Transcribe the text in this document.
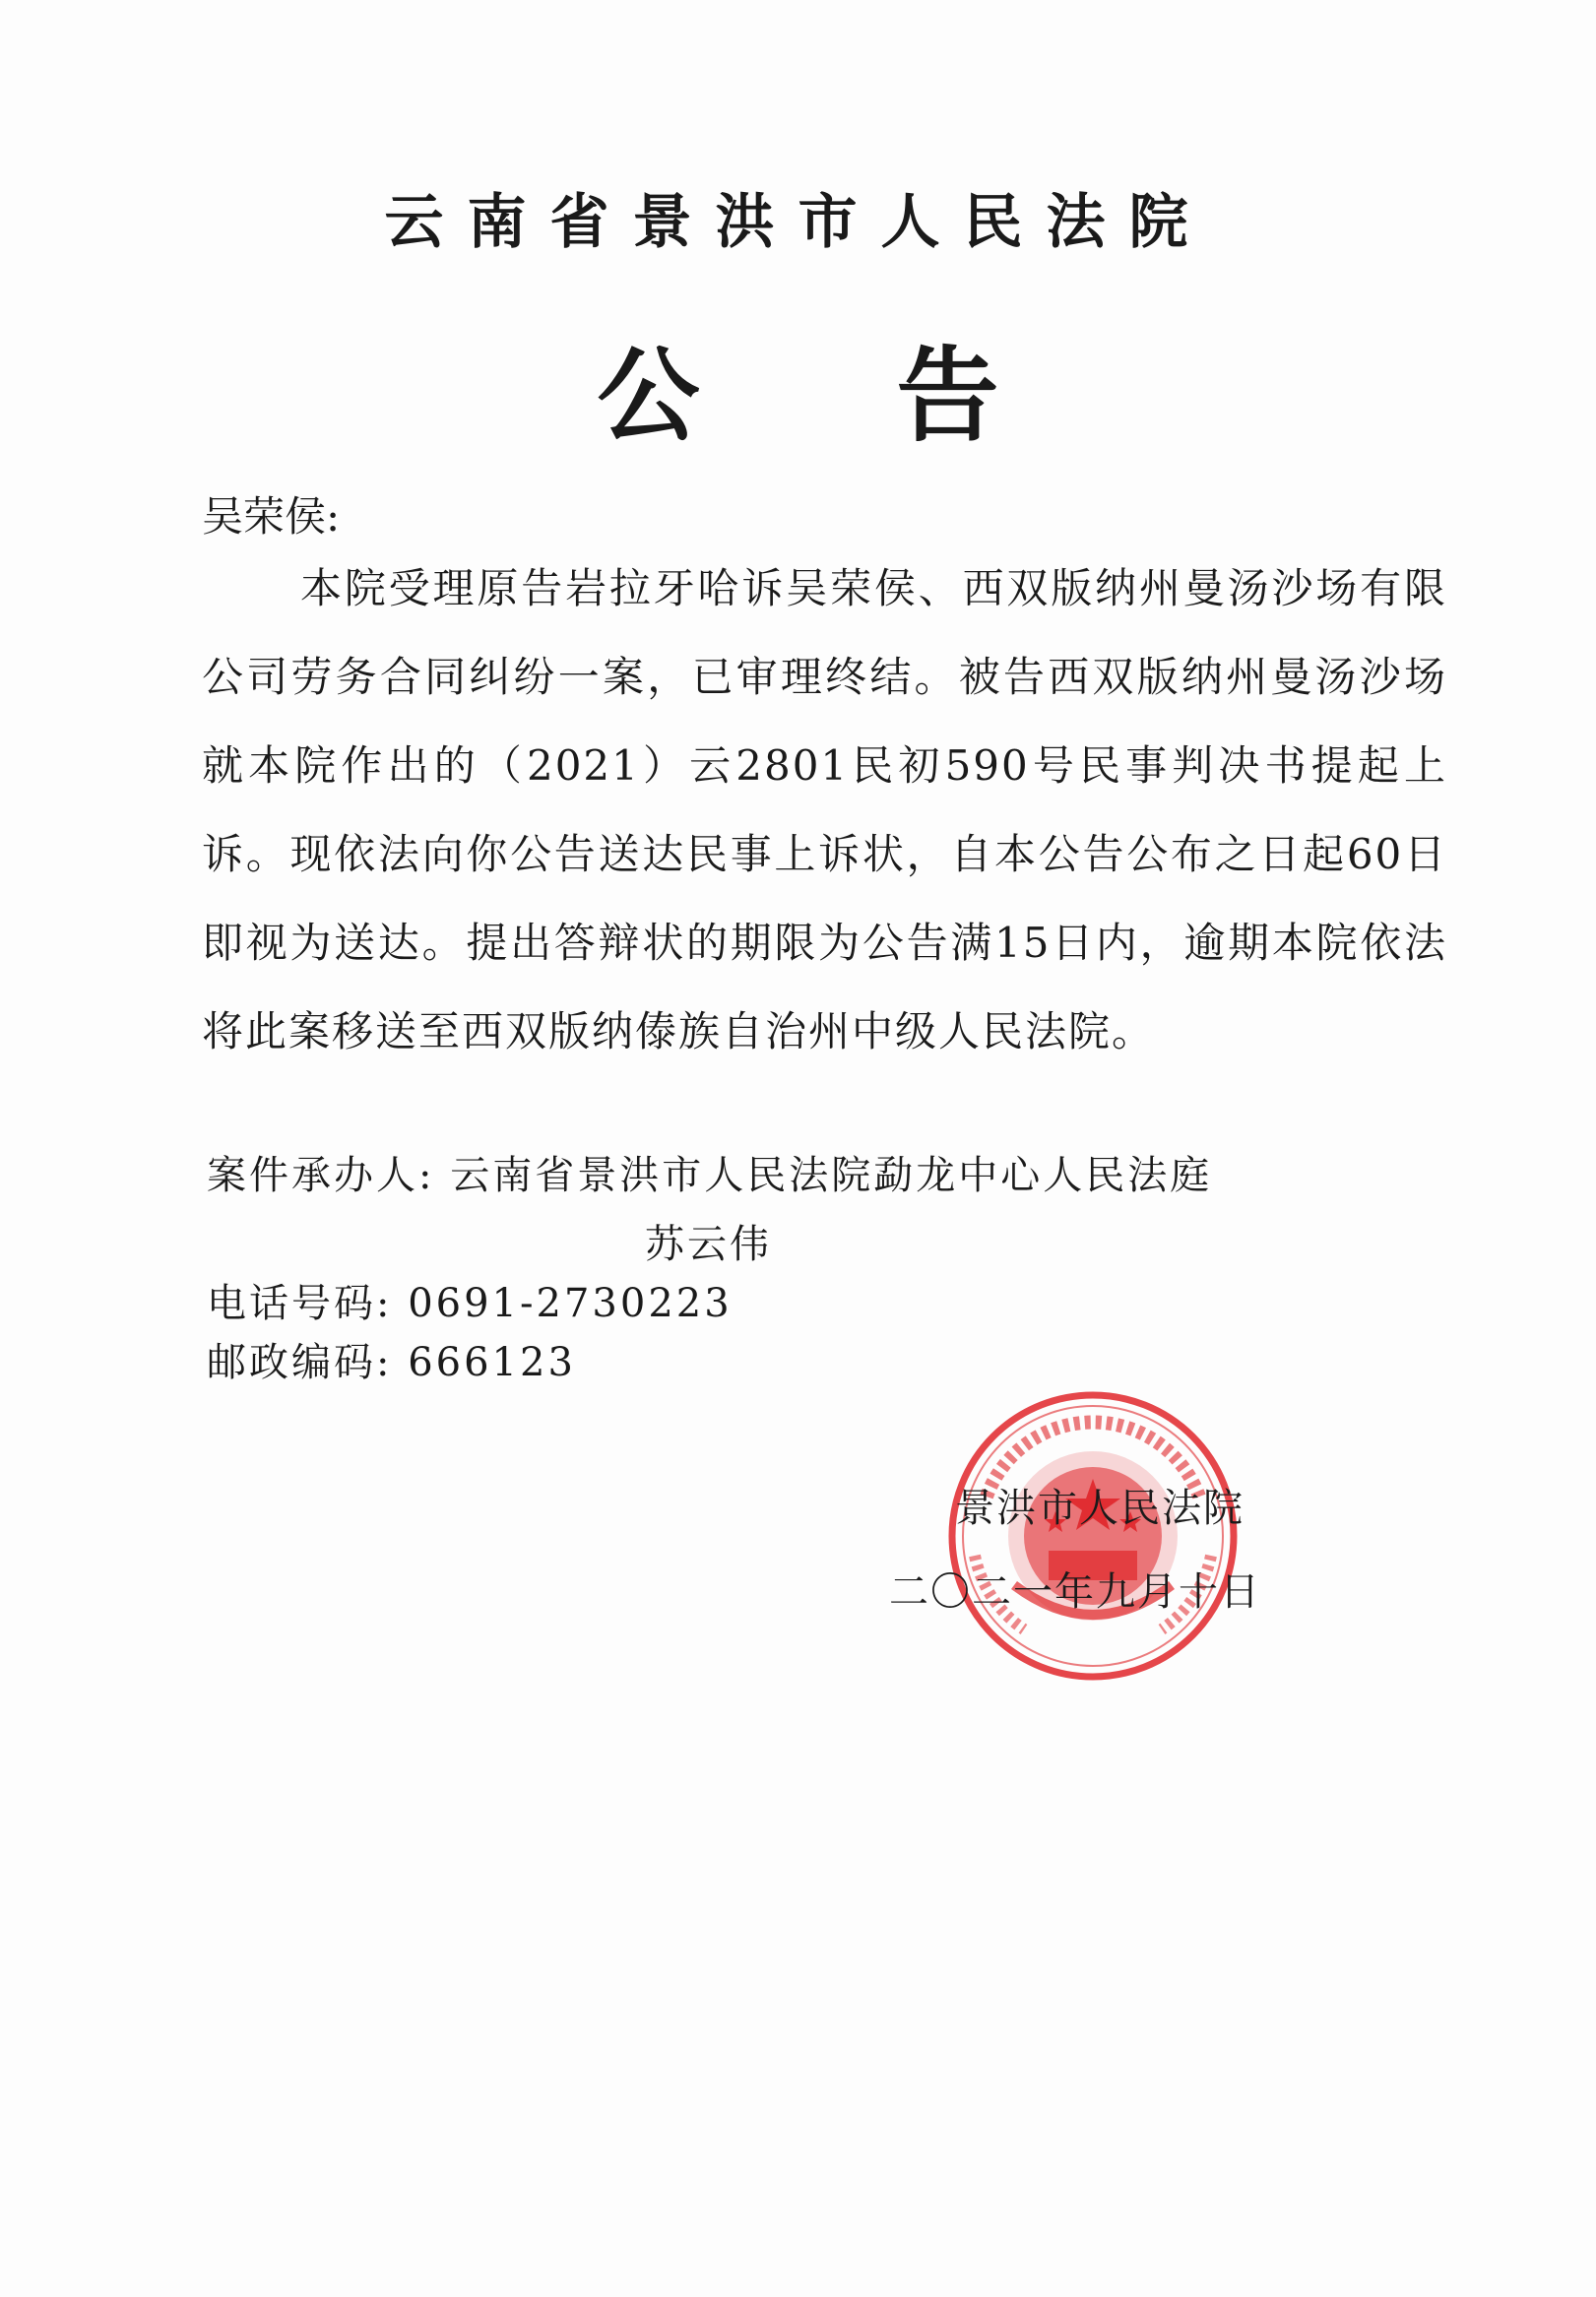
云南省景洪市人民法院
公告
吴荣侯:
本院受理原告岩拉牙哈诉吴荣侯、西双版纳州曼汤沙场有限公司劳务合同纠纷一案，已审理终结。被告西双版纳州曼汤沙场就本院作出的（2021）云2801民初590号民事判决书提起上诉。现依法向你公告送达民事上诉状，自本公告公布之日起60日即视为送达。提出答辩状的期限为公告满15日内，逾期本院依法将此案移送至西双版纳傣族自治州中级人民法院。
案件承办人: 云南省景洪市人民法院勐龙中心人民法庭
苏云伟
电话号码: 0691-2730223
邮政编码: 666123
景洪市人民法院
二〇二一年九月十日
